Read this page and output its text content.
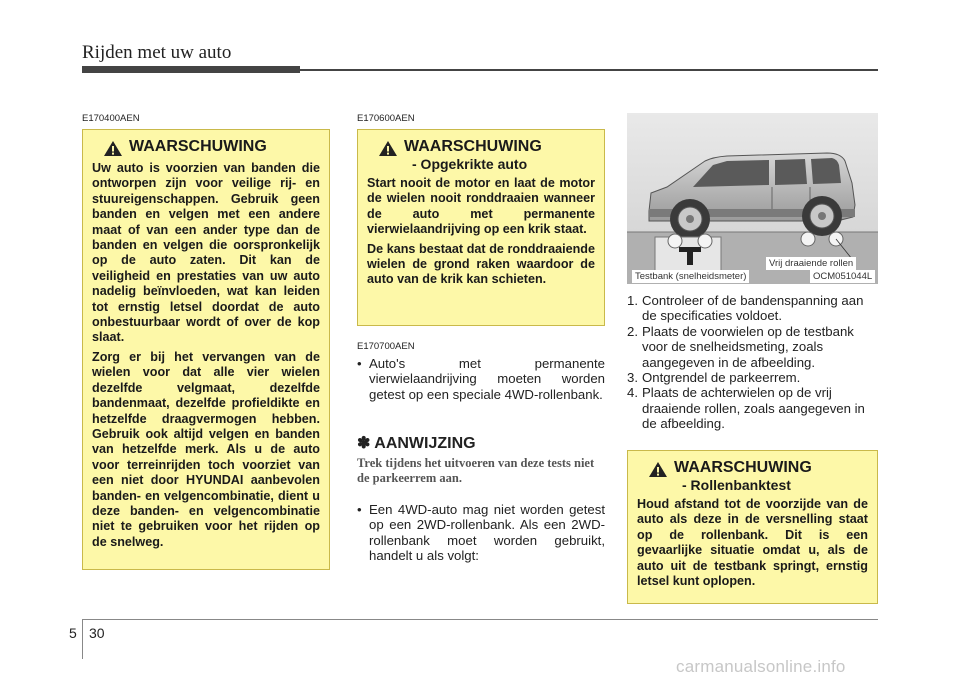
Rijden met uw auto
E170400AEN
WAARSCHUWING

Uw auto is voorzien van banden die ontworpen zijn voor veilige rij- en stuureigenschappen. Gebruik geen banden en velgen met een andere maat of van een ander type dan de banden en velgen die oorspronkelijk op de auto zaten. Dit kan de veiligheid en prestaties van uw auto nadelig beïnvloeden, wat kan leiden tot ernstig letsel doordat de auto onbestuurbaar wordt of over de kop slaat.

Zorg er bij het vervangen van de wielen voor dat alle vier wielen dezelfde velgmaat, dezelfde bandenmaat, dezelfde profieldikte en hetzelfde draagvermogen hebben. Gebruik ook altijd velgen en banden van hetzelfde merk. Als u de auto voor terreinrijden toch voorziet van een niet door HYUNDAI aanbevolen banden- en velgencombinatie, dient u deze banden- en velgencombinatie niet te gebruiken voor het rijden op de snelweg.

E170600AEN
WAARSCHUWING
- Opgekrikte auto

Start nooit de motor en laat de motor de wielen nooit ronddraaien wanneer de auto met permanente vierwielaandrijving op een krik staat.

De kans bestaat dat de ronddraaiende wielen de grond raken waardoor de auto van de krik kan schieten.

E170700AEN
• Auto's met permanente vierwielaandrijving moeten worden getest op een speciale 4WD-rollenbank.
✽ AANWIJZING
Trek tijdens het uitvoeren van deze tests niet de parkeerrem aan.
• Een 4WD-auto mag niet worden getest op een 2WD-rollenbank. Als een 2WD-rollenbank moet worden gebruikt, handelt u als volgt:
Vrij draaiende rollen
Testbank (snelheidsmeter)	OCM051044L
1. Controleer of de bandenspanning aan de specificaties voldoet.
2. Plaats de voorwielen op de testbank voor de snelheidsmeting, zoals aangegeven in de afbeelding.
3. Ontgrendel de parkeerrem.
4. Plaats de achterwielen op de vrij draaiende rollen, zoals aangegeven in de afbeelding.
WAARSCHUWING
- Rollenbanktest

Houd afstand tot de voorzijde van de auto als deze in de versnelling staat op de rollenbank. Dit is een gevaarlijke situatie omdat u, als de auto uit de testbank springt, ernstig letsel kunt oplopen.

5 30
carmanualsonline.info
